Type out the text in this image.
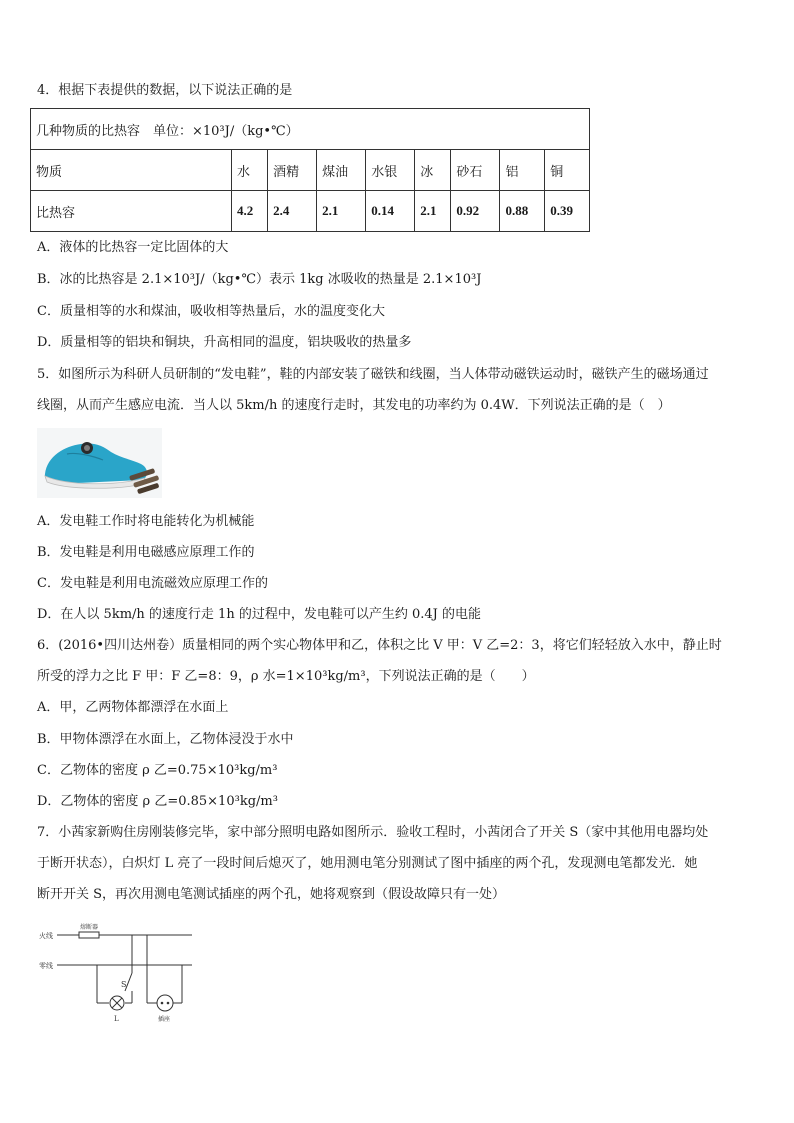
4．根据下表提供的数据，以下说法正确的是
几种物质的比热容　单位：×10³J/（kg•℃）								
物质	水	酒精	煤油	水银	冰	砂石	铝	铜
比热容	4.2	2.4	2.1	0.14	2.1	0.92	0.88	0.39
A．液体的比热容一定比固体的大
B．冰的比热容是 2.1×10³J/（kg•℃）表示 1kg 冰吸收的热量是 2.1×10³J
C．质量相等的水和煤油，吸收相等热量后，水的温度变化大
D．质量相等的铝块和铜块，升高相同的温度，铝块吸收的热量多
5．如图所示为科研人员研制的“发电鞋”，鞋的内部安装了磁铁和线圈，当人体带动磁铁运动时，磁铁产生的磁场通过
线圈，从而产生感应电流．当人以 5km/h 的速度行走时，其发电的功率约为 0.4W．下列说法正确的是（　）
A．发电鞋工作时将电能转化为机械能
B．发电鞋是利用电磁感应原理工作的
C．发电鞋是利用电流磁效应原理工作的
D．在人以 5km/h 的速度行走 1h 的过程中，发电鞋可以产生约 0.4J 的电能
6．(2016•四川达州卷）质量相同的两个实心物体甲和乙，体积之比 V 甲：V 乙=2：3，将它们轻轻放入水中，静止时
所受的浮力之比 F 甲：F 乙=8：9，ρ 水=1×10³kg/m³，下列说法正确的是（　　）
A．甲，乙两物体都漂浮在水面上
B．甲物体漂浮在水面上，乙物体浸没于水中
C．乙物体的密度 ρ 乙=0.75×10³kg/m³
D．乙物体的密度 ρ 乙=0.85×10³kg/m³
7．小茜家新购住房刚装修完毕，家中部分照明电路如图所示．验收工程时，小茜闭合了开关 S（家中其他用电器均处
于断开状态），白炽灯 L 亮了一段时间后熄灭了，她用测电笔分别测试了图中插座的两个孔，发现测电笔都发光．她
断开开关 S，再次用测电笔测试插座的两个孔，她将观察到（假设故障只有一处）
火线
零线
熔断器
S
L	插座
